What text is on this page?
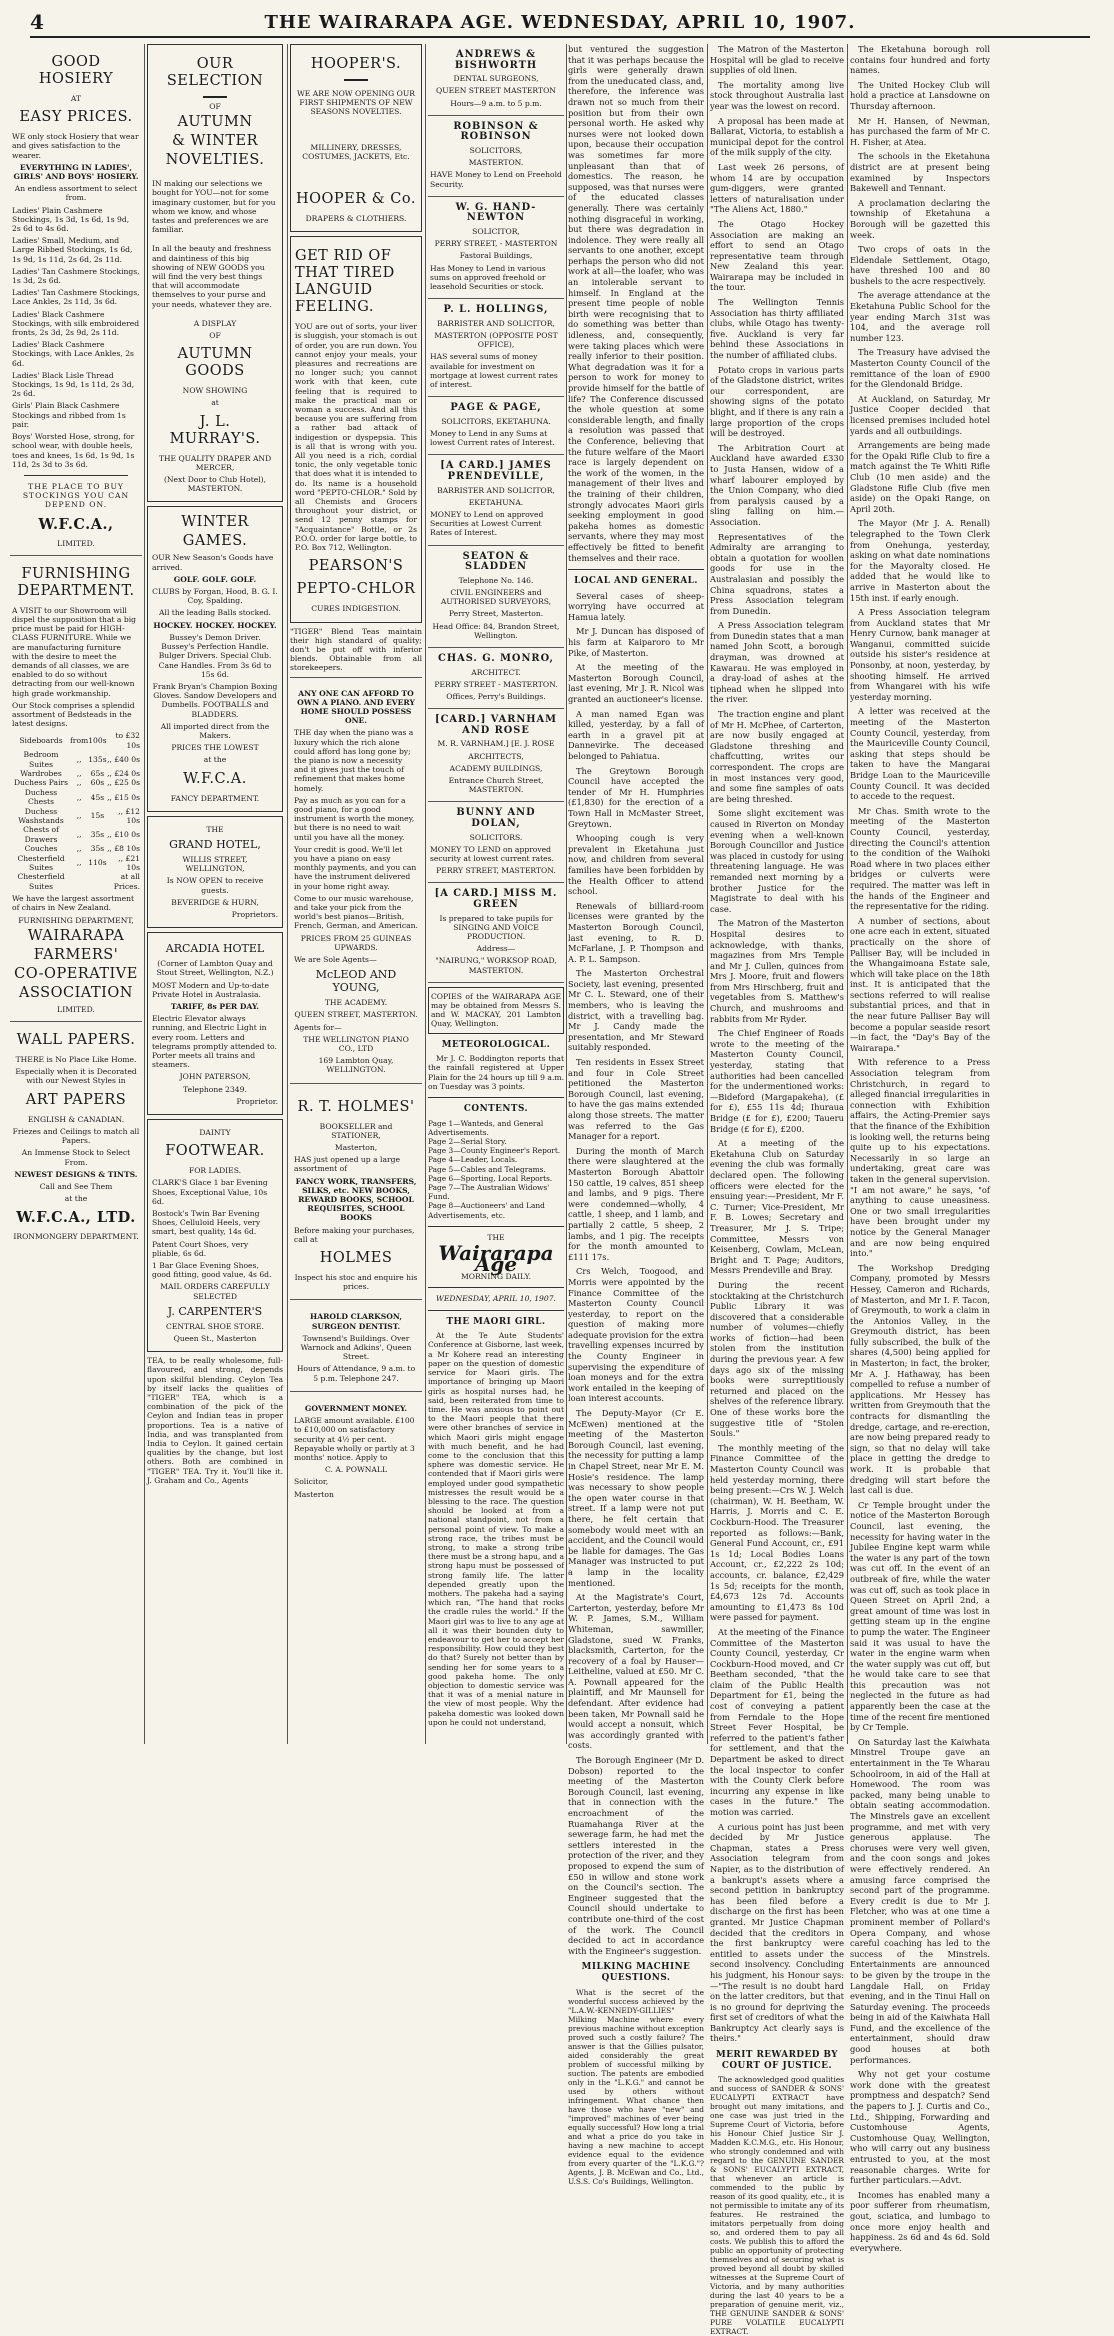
4	THE WAIRARAPA AGE. WEDNESDAY, APRIL 10, 1907.
GOOD HOSIERY
AT
EASY PRICES.
WE only stock Hosiery that wear and gives satisfaction to the wearer.
EVERYTHING IN LADIES', GIRLS' AND BOYS' HOSIERY.
An endless assortment to select from.
Ladies' Plain Cashmere Stockings, 1s 3d, 1s 6d, 1s 9d, 2s 6d to 4s 6d.
Ladies' Small, Medium, and Large Ribbed Stockings, 1s 6d, 1s 9d, 1s 11d, 2s 6d, 2s 11d.
Ladies' Tan Cashmere Stockings, 1s 3d, 2s 6d.
Ladies' Tan Cashmere Stockings, Lace Ankles, 2s 11d, 3s 6d.
Ladies' Black Cashmere Stockings, with silk embroidered fronts, 2s 3d, 2s 9d, 2s 11d.
Ladies' Black Cashmere Stockings, with Lace Ankles, 2s 6d.
Ladies' Black Lisle Thread Stockings, 1s 9d, 1s 11d, 2s 3d, 2s 6d.
Girls' Plain Black Cashmere Stockings and ribbed from 1s pair.
Boys' Worsted Hose, strong, for school wear, with double heels, toes and knees, 1s 6d, 1s 9d, 1s 11d, 2s 3d to 3s 6d.
THE PLACE TO BUY STOCKINGS YOU CAN DEPEND ON.
W.F.C.A.,
LIMITED.
FURNISHING DEPARTMENT.
A VISIT to our Showroom will dispel the supposition that a big price must be paid for HIGH-CLASS FURNITURE. While we are manufacturing furniture with the desire to meet the demands of all classes, we are enabled to do so without detracting from our well-known high grade workmanship.
Our Stock comprises a splendid assortment of Bedsteads in the latest designs.
Sideboards	from	100s	to £32 10s
Bedroom Suites	,,	135s	,, £40 0s
Wardrobes	,,	65s	,, £24 0s
Duchess Pairs	,,	60s	,, £25 0s
Duchess Chests	,,	45s	,, £15 0s
Duchess Washstands	,,	15s	,, £12 10s
Chests of Drawers	,,	35s	,, £10 0s
Couches	,,	35s	,, £8 10s
Chesterfield Suites	,,	110s	,, £21 10s
Chesterfield Suites			at all Prices.
We have the largest assortment of chairs in New Zealand.
FURNISHING DEPARTMENT,
WAIRARAPA
FARMERS'
CO-OPERATIVE
ASSOCIATION
LIMITED.
WALL PAPERS.
THERE is No Place Like Home.
Especially when it is Decorated with our Newest Styles in
ART PAPERS
ENGLISH & CANADIAN.
Friezes and Ceilings to match all Papers.
An Immense Stock to Select From.
NEWEST DESIGNS & TINTS.
Call and See Them
at the
W.F.C.A., LTD.
IRONMONGERY DEPARTMENT.
OUR SELECTION
OF
AUTUMN
& WINTER
NOVELTIES.
IN making our selections we bought for YOU—not for some imaginary customer, but for you whom we know, and whose tastes and preferences we are familiar.
In all the beauty and freshness and daintiness of this big showing of NEW GOODS you will find the very best things that will accommodate themselves to your purse and your needs, whatever they are.
A DISPLAY
OF
AUTUMN GOODS
NOW SHOWING
at
J. L. MURRAY'S.
THE QUALITY DRAPER AND MERCER,
(Next Door to Club Hotel), MASTERTON.
WINTER
GAMES.
OUR New Season's Goods have arrived.
GOLF. GOLF. GOLF.
CLUBS by Forgan, Hood, B. G. I. Coy, Spalding.
All the leading Balls stocked.
HOCKEY. HOCKEY. HOCKEY.
Bussey's Demon Driver. Bussey's Perfection Handle. Bulger Drivers. Special Club. Cane Handles. From 3s 6d to 15s 6d.
Frank Bryan's Champion Boxing Gloves. Sandow Developers and Dumbells. FOOTBALLS and BLADDERS.
All imported direct from the Makers.
PRICES THE LOWEST
at the
W.F.C.A.
FANCY DEPARTMENT.
THE
GRAND HOTEL,
WILLIS STREET, WELLINGTON,
Is NOW OPEN to receive guests.
BEVERIDGE & HURN,
Proprietors.
ARCADIA HOTEL
(Corner of Lambton Quay and Stout Street, Wellington, N.Z.)
MOST Modern and Up-to-date Private Hotel in Australasia.
TARIFF, 8s PER DAY.
Electric Elevator always running, and Electric Light in every room. Letters and telegrams promptly attended to. Porter meets all trains and steamers.
JOHN PATERSON,
Telephone 2349.
Proprietor.
DAINTY
FOOTWEAR.
FOR LADIES.
CLARK'S Glace 1 bar Evening Shoes, Exceptional Value, 10s 6d.
Bostock's Twin Bar Evening Shoes, Celluloid Heels, very smart, best quality, 14s 6d.
Patent Court Shoes, very pliable, 6s 6d.
1 Bar Glace Evening Shoes, good fitting, good value, 4s 6d.
MAIL ORDERS CAREFULLY SELECTED
J. CARPENTER'S
CENTRAL SHOE STORE.
Queen St., Masterton
TEA, to be really wholesome, full-flavoured, and strong, depends upon skilful blending. Ceylon Tea by itself lacks the qualities of "TIGER" TEA, which is a combination of the pick of the Ceylon and Indian teas in proper proportions. Tea is a native of India, and was transplanted from India to Ceylon. It gained certain qualities by the change, but lost others. Both are combined in "TIGER" TEA. Try it. You'll like it. J. Graham and Co., Agents
HOOPER'S.
WE ARE NOW OPENING OUR FIRST SHIPMENTS OF NEW SEASONS NOVELTIES.
MILLINERY, DRESSES, COSTUMES, JACKETS, Etc.
HOOPER & Co.
DRAPERS & CLOTHIERS.
GET RID OF THAT TIRED LANGUID FEELING.
YOU are out of sorts, your liver is sluggish, your stomach is out of order, you are run down. You cannot enjoy your meals, your pleasures and recreations are no longer such; you cannot work with that keen, cute feeling that is required to make the practical man or woman a success. And all this because you are suffering from a rather bad attack of indigestion or dyspepsia. This is all that is wrong with you. All you need is a rich, cordial tonic, the only vegetable tonic that does what it is intended to do. Its name is a household word "PEPTO-CHLOR." Sold by all Chemists and Grocers throughout your district, or send 12 penny stamps for "Acquaintance" Bottle, or 2s P.O.O. order for large bottle, to P.O. Box 712, Wellington.
PEARSON'S
PEPTO-CHLOR
CURES INDIGESTION.
"TIGER" Blend Teas maintain their high standard of quality; don't be put off with inferior blends. Obtainable from all storekeepers.
ANY ONE CAN AFFORD TO OWN A PIANO. AND EVERY HOME SHOULD POSSESS ONE.
THE day when the piano was a luxury which the rich alone could afford has long gone by; the piano is now a necessity and it gives just the touch of refinement that makes home homely.
Pay as much as you can for a good piano, for a good instrument is worth the money, but there is no need to wait until you have all the money.
Your credit is good. We'll let you have a piano on easy monthly payments, and you can have the instrument delivered in your home right away.
Come to our music warehouse, and take your pick from the world's best pianos—British, French, German, and American.
PRICES FROM 25 GUINEAS UPWARDS.
We are Sole Agents—
McLEOD AND YOUNG,
THE ACADEMY.
QUEEN STREET, MASTERTON.
Agents for—
THE WELLINGTON PIANO CO., LTD
169 Lambton Quay, WELLINGTON.
R. T. HOLMES'
BOOKSELLER and STATIONER,
Masterton,
HAS just opened up a large assortment of
FANCY WORK, TRANSFERS, SILKS, etc. NEW BOOKS, REWARD BOOKS, SCHOOL REQUISITES, SCHOOL BOOKS
Before making your purchases, call at
HOLMES
Inspect his stoc and enquire his prices.
HAROLD CLARKSON, SURGEON DENTIST.
Townsend's Buildings. Over Warnock and Adkins', Queen Street.
Hours of Attendance, 9 a.m. to 5 p.m. Telephone 247.
GOVERNMENT MONEY.
LARGE amount available. £100 to £10,000 on satisfactory security at 4½ per cent. Repayable wholly or partly at 3 months' notice. Apply to
C. A. POWNALL
Solicitor,
Masterton
ANDREWS & BISHWORTH
DENTAL SURGEONS,
QUEEN STREET MASTERTON
Hours—9 a.m. to 5 p.m.
ROBINSON & ROBINSON
SOLICITORS,
MASTERTON.
HAVE Money to Lend on Freehold Security.
W. G. HAND-NEWTON
SOLICITOR,
PERRY STREET, - MASTERTON
Fastoral Buildings,
Has Money to Lend in various sums on approved freehold or leasehold Securities or stock.
P. L. HOLLINGS,
BARRISTER AND SOLICITOR,
MASTERTON (OPPOSITE POST OFFICE),
HAS several sums of money available for investment on mortgage at lowest current rates of interest.
PAGE & PAGE,
SOLICITORS, EKETAHUNA.
Money to Lend in any Sums at lowest Current rates of Interest.
[A CARD.] JAMES PRENDEVILLE,
BARRISTER AND SOLICITOR,
EKETAHUNA.
MONEY to Lend on approved Securities at Lowest Current Rates of Interest.
SEATON & SLADDEN
Telephone No. 146.
CIVIL ENGINEERS and AUTHORISED SURVEYORS,
Perry Street, Masterton.
Head Office: 84, Brandon Street, Wellington.
CHAS. G. MONRO,
ARCHITECT.
PERRY STREET - MASTERTON.
Offices, Perry's Buildings.
[CARD.] VARNHAM AND ROSE
M. R. VARNHAM.] [E. J. ROSE
ARCHITECTS,
ACADEMY BUILDINGS,
Entrance Church Street, MASTERTON.
BUNNY AND DOLAN,
SOLICITORS.
MONEY TO LEND on approved security at lowest current rates.
PERRY STREET, MASTERTON.
[A CARD.] MISS M. GREEN
Is prepared to take pupils for SINGING AND VOICE PRODUCTION.
Address—
"NAIRUNG," WORKSOP ROAD, MASTERTON.
COPIES of the WAIRARAPA AGE may be obtained from Messrs S. and W. MACKAY, 201 Lambton Quay, Wellington.
METEOROLOGICAL.
Mr J. C. Boddington reports that the rainfall registered at Upper Plain for the 24 hours up till 9 a.m. on Tuesday was 3 points.
CONTENTS.
Page 1—Wanteds, and General Advertisements.
Page 2—Serial Story.
Page 3—County Engineer's Report.
Page 4—Leader, Locals.
Page 5—Cables and Telegrams.
Page 6—Sporting, Local Reports.
Page 7—The Australian Widows' Fund.
Page 8—Auctioneers' and Land Advertisements, etc.
THE
Wairarapa Age
MORNING DAILY.
WEDNESDAY, APRIL 10, 1907.
THE MAORI GIRL.

At the Te Aute Students' Conference at Gisborne, last week, a Mr Kohere read an interesting paper on the question of domestic service for Maori girls. The importance of bringing up Maori girls as hospital nurses had, he said, been reiterated from time to time. He was anxious to point out to the Maori people that there were other branches of service in which Maori girls might engage with much benefit, and he had come to the conclusion that this sphere was domestic service. He contended that if Maori girls were employed under good sympathetic mistresses the result would be a blessing to the race. The question should be looked at from a national standpoint, not from a personal point of view. To make a strong race, the tribes must be strong, to make a strong tribe there must be a strong hapu, and a strong hapu must be possessed of strong family life. The latter depended greatly upon the mothers. The pakeha had a saying which ran, "The hand that rocks the cradle rules the world." If the Maori girl was to live to any age at all it was their bounden duty to endeavour to get her to accept her responsibility. How could they best do that? Surely not better than by sending her for some years to a good pakeha home. The only objection to domestic service was that it was of a menial nature in the view of most people. Why the pakeha domestic was looked down upon he could not understand,

but ventured the suggestion that it was perhaps because the girls were generally drawn from the uneducated class, and, therefore, the inference was drawn not so much from their position but from their own personal worth. He asked why nurses were not looked down upon, because their occupation was sometimes far more unpleasant than that of domestics. The reason, he supposed, was that nurses were of the educated classes generally. There was certainly nothing disgraceful in working, but there was degradation in indolence. They were really all servants to one another, except perhaps the person who did not work at all—the loafer, who was an intolerable servant to himself. In England at the present time people of noble birth were recognising that to do something was better than idleness, and, consequently, were taking places which were really inferior to their position. What degradation was it for a person to work for money to provide himself for the battle of life? The Conference discussed the whole question at some considerable length, and finally a resolution was passed that the Conference, believing that the future welfare of the Maori race is largely dependent on the work of the women, in the management of their lives and the training of their children, strongly advocates Maori girls seeking employment in good pakeha homes as domestic servants, where they may most effectively be fitted to benefit themselves and their race.

LOCAL AND GENERAL.

Several cases of sheep-worrying have occurred at Hamua lately.

Mr J. Duncan has disposed of his farm at Kaiparoro to Mr Pike, of Masterton.

At the meeting of the Masterton Borough Council, last evening, Mr J. R. Nicol was granted an auctioneer's license.

A man named Egan was killed, yesterday, by a fall of earth in a gravel pit at Dannevirke. The deceased belonged to Pahiatua.

The Greytown Borough Council have accepted the tender of Mr H. Humphries (£1,830) for the erection of a Town Hall in McMaster Street, Greytown.

Whooping cough is very prevalent in Eketahuna just now, and children from several families have been forbidden by the Health Officer to attend school.

Renewals of billiard-room licenses were granted by the Masterton Borough Council, last evening, to R. D. McFarlane, J. P. Thompson and A. P. L. Sampson.

The Masterton Orchestral Society, last evening, presented Mr C. L. Steward, one of their members, who is leaving the district, with a travelling bag. Mr J. Candy made the presentation, and Mr Steward suitably responded.

Ten residents in Essex Street and four in Cole Street petitioned the Masterton Borough Council, last evening, to have the gas mains extended along those streets. The matter was referred to the Gas Manager for a report.

During the month of March there were slaughtered at the Masterton Borough Abattoir 150 cattle, 19 calves, 851 sheep and lambs, and 9 pigs. There were condemned—wholly, 4 cattle, 1 sheep, and 1 lamb, and partially 2 cattle, 5 sheep, 2 lambs, and 1 pig. The receipts for the month amounted to £111 17s.

Crs Welch, Toogood, and Morris were appointed by the Finance Committee of the Masterton County Council yesterday, to report on the question of making more adequate provision for the extra travelling expenses incurred by the County Engineer in supervising the expenditure of loan moneys and for the extra work entailed in the keeping of loan interest accounts.

The Deputy-Mayor (Cr E. McEwen) mentioned at the meeting of the Masterton Borough Council, last evening, the necessity for putting a lamp in Chapel Street, near Mr E. M. Hosie's residence. The lamp was necessary to show people the open water course in that street. If a lamp were not put there, he felt certain that somebody would meet with an accident, and the Council would be liable for damages. The Gas Manager was instructed to put a lamp in the locality mentioned.

At the Magistrate's Court, Carterton, yesterday, before Mr W. P. James, S.M., William Whiteman, sawmiller, Gladstone, sued W. Franks, blacksmith, Carterton, for the recovery of a foal by Hauser—Leitheline, valued at £50. Mr C. A. Pownall appeared for the plaintiff, and Mr Maunsell for defendant. After evidence had been taken, Mr Pownall said he would accept a nonsuit, which was accordingly granted with costs.

The Borough Engineer (Mr D. Dobson) reported to the meeting of the Masterton Borough Council, last evening, that in connection with the encroachment of the Ruamahanga River at the sewerage farm, he had met the settlers interested in the protection of the river, and they proposed to expend the sum of £50 in willow and stone work on the Council's section. The Engineer suggested that the Council should undertake to contribute one-third of the cost of the work. The Council decided to act in accordance with the Engineer's suggestion.

MILKING MACHINE QUESTIONS.

What is the secret of the wonderful success achieved by the "L.A.W.-KENNEDY-GILLIES" Milking Machine where every previous machine without exception proved such a costly failure? The answer is that the Gillies pulsator, aided considerably the great problem of successful milking by suction. The patents are embodied only in the "L.K.G." and cannot be used by others without infringement. What chance then have those who have "new" and "improved" machines of ever being equally successful? How long a trial and what a price do you take in having a new machine to accept evidence equal to the evidence from every quarter of the "L.K.G."? Agents, J. B. McEwan and Co., Ltd., U.S.S. Co's Buildings, Wellington.

The Matron of the Masterton Hospital will be glad to receive supplies of old linen.

The mortality among live stock throughout Australia last year was the lowest on record.

A proposal has been made at Ballarat, Victoria, to establish a municipal depot for the control of the milk supply of the city.

Last week 26 persons, of whom 14 are by occupation gum-diggers, were granted letters of naturalisation under "The Aliens Act, 1880."

The Otago Hockey Association are making an effort to send an Otago representative team through New Zealand this year. Wairarapa may be included in the tour.

The Wellington Tennis Association has thirty affiliated clubs, while Otago has twenty-five. Auckland is very far behind these Associations in the number of affiliated clubs.

Potato crops in various parts of the Gladstone district, writes our correspondent, are showing signs of the potato blight, and if there is any rain a large proportion of the crops will be destroyed.

The Arbitration Court at Auckland have awarded £330 to Justa Hansen, widow of a wharf labourer employed by the Union Company, who died from paralysis caused by a sling falling on him.—Association.

Representatives of the Admiralty are arranging to obtain a quotation for woollen goods for use in the Australasian and possibly the China squadrons, states a Press Association telegram from Dunedin.

A Press Association telegram from Dunedin states that a man named John Scott, a borough drayman, was drowned at Kawarau. He was employed in a dray-load of ashes at the tiphead when he slipped into the river.

The traction engine and plant of Mr H. McPhee, of Carterton, are now busily engaged at Gladstone threshing and chaffcutting, writes our correspondent. The crops are in most instances very good, and some fine samples of oats are being threshed.

Some slight excitement was caused in Riverton on Monday evening when a well-known Borough Councillor and Justice was placed in custody for using threatening language. He was remanded next morning by a brother Justice for the Magistrate to deal with his case.

The Matron of the Masterton Hospital desires to acknowledge, with thanks, magazines from Mrs Temple and Mr J. Cullen, quinces from Mrs J. Moore, fruit and flowers from Mrs Hirschberg, fruit and vegetables from S. Matthew's Church, and mushrooms and rabbits from Mr Ryder.

The Chief Engineer of Roads wrote to the meeting of the Masterton County Council, yesterday, stating that authorities had been cancelled for the undermentioned works:—Bideford (Margapakeha), (£ for £), £55 11s 4d; Ihuraua Bridge (£ for £), £200; Taueru Bridge (£ for £), £200.

At a meeting of the Eketahuna Club on Saturday evening the club was formally declared open. The following officers were elected for the ensuing year:—President, Mr F. C. Turner; Vice-President, Mr F. B. Lowes; Secretary and Treasurer, Mr J. S. Tripe; Committee, Messrs von Keisenberg, Cowlam, McLean, Bright and T. Page; Auditors, Messrs Prendeville and Bray.

During the recent stocktaking at the Christchurch Public Library it was discovered that a considerable number of volumes—chiefly works of fiction—had been stolen from the institution during the previous year. A few days ago six of the missing books were surreptitiously returned and placed on the shelves of the reference library. One of these works bore the suggestive title of "Stolen Souls."

The monthly meeting of the Finance Committee of the Masterton County Council was held yesterday morning, there being present:—Crs W. J. Welch (chairman), W. H. Beetham, W. Harris, J. Morris and C. E. Cockburn-Hood. The Treasurer reported as follows:—Bank, General Fund Account, cr., £91 1s 1d; Local Bodies Loans Account, cr., £2,222 2s 10d; accounts, cr. balance, £2,429 1s 5d; receipts for the month, £4,673 12s 7d. Accounts amounting to £1,473 8s 10d were passed for payment.

At the meeting of the Finance Committee of the Masterton County Council, yesterday, Cr Cockburn-Hood moved, and Cr Beetham seconded, "that the claim of the Public Health Department for £1, being the cost of conveying a patient from Ferndale to the Hope Street Fever Hospital, be referred to the patient's father for settlement, and that the Department be asked to direct the local inspector to confer with the County Clerk before incurring any expense in like cases in the future." The motion was carried.

A curious point has just been decided by Mr Justice Chapman, states a Press Association telegram from Napier, as to the distribution of a bankrupt's assets where a second petition in bankruptcy has been filed before a discharge on the first has been granted. Mr Justice Chapman decided that the creditors in the first bankruptcy were entitled to assets under the second insolvency. Concluding his judgment, his Honour says:—"The result is no doubt hard on the latter creditors, but that is no ground for depriving the first set of creditors of what the Bankruptcy Act clearly says is theirs."

MERIT REWARDED BY COURT OF JUSTICE.

The acknowledged good qualities and success of SANDER & SONS' EUCALYPTI EXTRACT have brought out many imitations, and one case was just tried in the Supreme Court of Victoria, before his Honour Chief Justice Sir J. Madden K.C.M.G., etc. His Honour, who strongly condemned and with regard to the GENUINE SANDER & SONS' EUCALYPTI EXTRACT, that whenever an article is commended to the public by reason of its good quality, etc., it is not permissible to imitate any of its features. He restrained the imitators perpetually from doing so, and ordered them to pay all costs. We publish this to afford the public an opportunity of protecting themselves and of securing what is proved beyond all doubt by skilled witnesses at the Supreme Court of Victoria, and by many authorities during the last 40 years to be a preparation of genuine merit, viz., THE GENUINE SANDER & SONS' PURE VOLATILE EUCALYPTI EXTRACT.

The Eketahuna borough roll contains four hundred and forty names.

The United Hockey Club will hold a practice at Lansdowne on Thursday afternoon.

Mr H. Hansen, of Newman, has purchased the farm of Mr C. H. Fisher, at Atea.

The schools in the Eketahuna district are at present being examined by Inspectors Bakewell and Tennant.

A proclamation declaring the township of Eketahuna a Borough will be gazetted this week.

Two crops of oats in the Eldendale Settlement, Otago, have threshed 100 and 80 bushels to the acre respectively.

The average attendance at the Eketahuna Public School for the year ending March 31st was 104, and the average roll number 123.

The Treasury have advised the Masterton County Council of the remittance of the loan of £900 for the Glendonald Bridge.

At Auckland, on Saturday, Mr Justice Cooper decided that licensed premises included hotel yards and all outbuildings.

Arrangements are being made for the Opaki Rifle Club to fire a match against the Te Whiti Rifle Club (10 men aside) and the Gladstone Rifle Club (five men aside) on the Opaki Range, on April 20th.

The Mayor (Mr J. A. Renall) telegraphed to the Town Clerk from Onehunga, yesterday, asking on what date nominations for the Mayoralty closed. He added that he would like to arrive in Masterton about the 15th inst. if early enough.

A Press Association telegram from Auckland states that Mr Henry Curnow, bank manager at Wanganui, committed suicide outside his sister's residence at Ponsonby, at noon, yesterday, by shooting himself. He arrived from Whangarei with his wife yesterday morning.

A letter was received at the meeting of the Masterton County Council, yesterday, from the Mauriceville County Council, asking that steps should be taken to have the Mangarai Bridge Loan to the Mauriceville County Council. It was decided to accede to the request.

Mr Chas. Smith wrote to the meeting of the Masterton County Council, yesterday, directing the Council's attention to the condition of the Waihoki Road where in two places either bridges or culverts were required. The matter was left in the hands of the Engineer and the representative for the riding.

A number of sections, about one acre each in extent, situated practically on the shore of Palliser Bay, will be included in the Whangaimoana Estate sale, which will take place on the 18th inst. It is anticipated that the sections referred to will realise substantial prices, and that in the near future Palliser Bay will become a popular seaside resort—in fact, the "Day's Bay of the Wairarapa."

With reference to a Press Association telegram from Christchurch, in regard to alleged financial irregularities in connection with Exhibition affairs, the Acting-Premier says that the finance of the Exhibition is looking well, the returns being quite up to his expectations. Necessarily in so large an undertaking, great care was taken in the general supervision. "I am not aware," he says, "of anything to cause uneasiness. One or two small irregularities have been brought under my notice by the General Manager and are now being enquired into."

The Workshop Dredging Company, promoted by Messrs Hessey, Cameron and Richards, of Masterton, and Mr I. F. Tacon, of Greymouth, to work a claim in the Antonios Valley, in the Greymouth district, has been fully subscribed, the bulk of the shares (4,500) being applied for in Masterton; in fact, the broker, Mr A. J. Hathaway, has been compelled to refuse a number of applications. Mr Hessey has written from Greymouth that the contracts for dismantling the dredge, cartage, and re-erection, are now being prepared ready to sign, so that no delay will take place in getting the dredge to work. It is probable that dredging will start before the last call is due.

Cr Temple brought under the notice of the Masterton Borough Council, last evening, the necessity for having water in the Jubilee Engine kept warm while the water is any part of the town was cut off. In the event of an outbreak of fire, while the water was cut off, such as took place in Queen Street on April 2nd, a great amount of time was lost in getting steam up in the engine to pump the water. The Engineer said it was usual to have the water in the engine warm when the water supply was cut off, but he would take care to see that this precaution was not neglected in the future as had apparently been the case at the time of the recent fire mentioned by Cr Temple.

On Saturday last the Kaiwhata Minstrel Troupe gave an entertainment in the Te Wharau Schoolroom, in aid of the Hall at Homewood. The room was packed, many being unable to obtain seating accommodation. The Minstrels gave an excellent programme, and met with very generous applause. The choruses were very well given, and the coon songs and jokes were effectively rendered. An amusing farce comprised the second part of the programme. Every credit is due to Mr J. Fletcher, who was at one time a prominent member of Pollard's Opera Company, and whose careful coaching has led to the success of the Minstrels. Entertainments are announced to be given by the troupe in the Langdale Hall, on Friday evening, and in the Tinui Hall on Saturday evening. The proceeds being in aid of the Kaiwhata Hall Fund, and the excellence of the entertainment, should draw good houses at both performances.

Why not get your costume work done with the greatest promptness and despatch? Send the papers to J. J. Curtis and Co., Ltd., Shipping, Forwarding and Customhouse Agents, Customhouse Quay, Wellington, who will carry out any business entrusted to you, at the most reasonable charges. Write for further particulars.—Advt.

Incomes has enabled many a poor sufferer from rheumatism, gout, sciatica, and lumbago to once more enjoy health and happiness. 2s 6d and 4s 6d. Sold everywhere.
